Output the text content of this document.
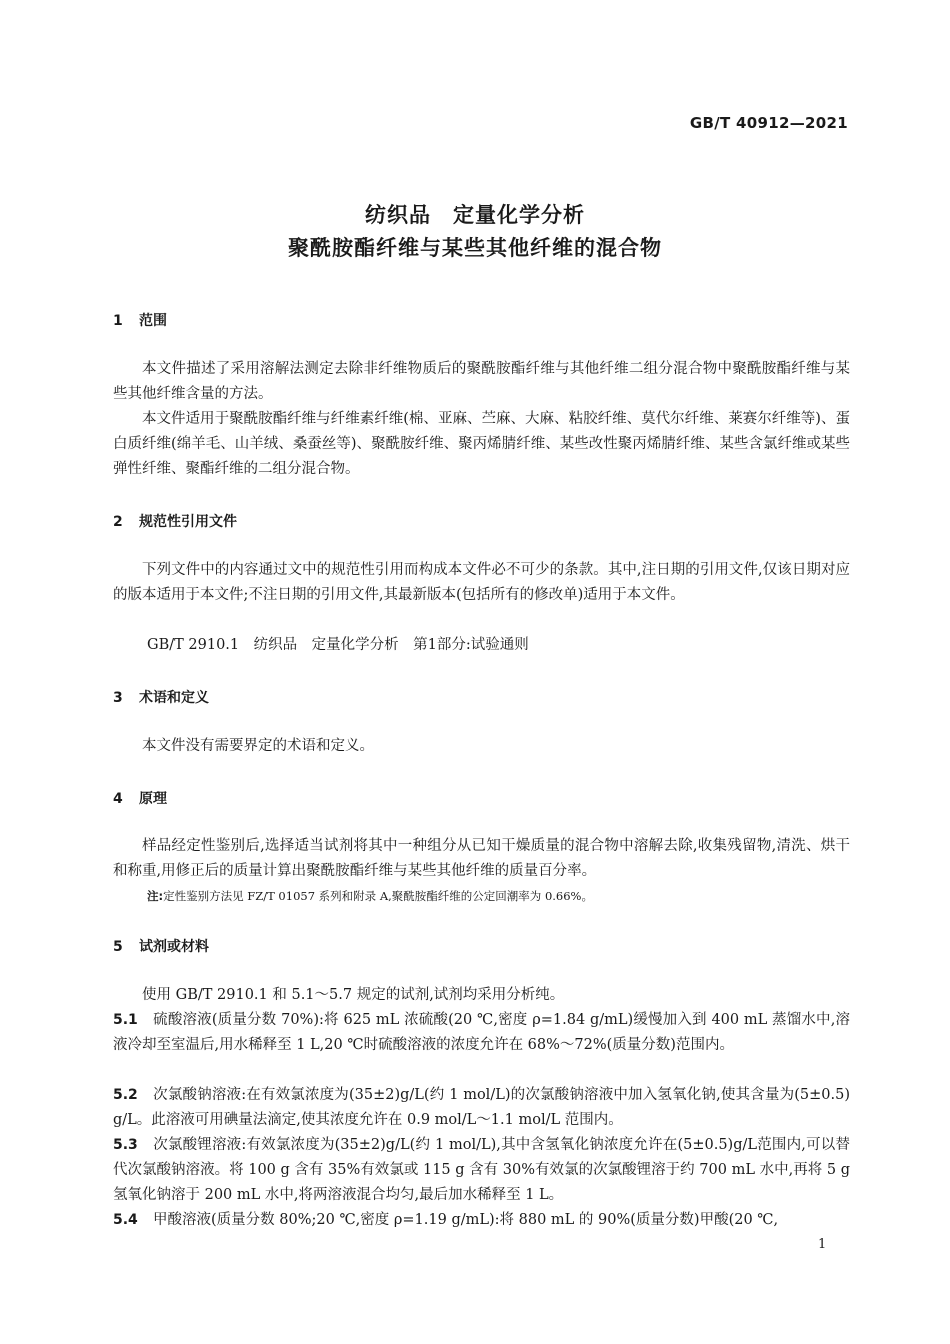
GB/T 40912—2021
纺织品　定量化学分析
聚酰胺酯纤维与某些其他纤维的混合物
1 范围

本文件描述了采用溶解法测定去除非纤维物质后的聚酰胺酯纤维与其他纤维二组分混合物中聚酰胺酯纤维与某些其他纤维含量的方法。

本文件适用于聚酰胺酯纤维与纤维素纤维(棉、亚麻、苎麻、大麻、粘胶纤维、莫代尔纤维、莱赛尔纤维等)、蛋白质纤维(绵羊毛、山羊绒、桑蚕丝等)、聚酰胺纤维、聚丙烯腈纤维、某些改性聚丙烯腈纤维、某些含氯纤维或某些弹性纤维、聚酯纤维的二组分混合物。

2 规范性引用文件

下列文件中的内容通过文中的规范性引用而构成本文件必不可少的条款。其中,注日期的引用文件,仅该日期对应的版本适用于本文件;不注日期的引用文件,其最新版本(包括所有的修改单)适用于本文件。

GB/T 2910.1　纺织品　定量化学分析　第1部分:试验通则
3 术语和定义

本文件没有需要界定的术语和定义。

4 原理

样品经定性鉴别后,选择适当试剂将其中一种组分从已知干燥质量的混合物中溶解去除,收集残留物,清洗、烘干和称重,用修正后的质量计算出聚酰胺酯纤维与某些其他纤维的质量百分率。

注:定性鉴别方法见 FZ/T 01057 系列和附录 A,聚酰胺酯纤维的公定回潮率为 0.66%。
5 试剂或材料

使用 GB/T 2910.1 和 5.1～5.7 规定的试剂,试剂均采用分析纯。

5.1 硫酸溶液(质量分数 70%):将 625 mL 浓硫酸(20 ℃,密度 ρ=1.84 g/mL)缓慢加入到 400 mL 蒸馏水中,溶液冷却至室温后,用水稀释至 1 L,20 ℃时硫酸溶液的浓度允许在 68%～72%(质量分数)范围内。

5.2 次氯酸钠溶液:在有效氯浓度为(35±2)g/L(约 1 mol/L)的次氯酸钠溶液中加入氢氧化钠,使其含量为(5±0.5) g/L。此溶液可用碘量法滴定,使其浓度允许在 0.9 mol/L～1.1 mol/L 范围内。

5.3 次氯酸锂溶液:有效氯浓度为(35±2)g/L(约 1 mol/L),其中含氢氧化钠浓度允许在(5±0.5)g/L范围内,可以替代次氯酸钠溶液。将 100 g 含有 35%有效氯或 115 g 含有 30%有效氯的次氯酸锂溶于约 700 mL 水中,再将 5 g 氢氧化钠溶于 200 mL 水中,将两溶液混合均匀,最后加水稀释至 1 L。

5.4 甲酸溶液(质量分数 80%;20 ℃,密度 ρ=1.19 g/mL):将 880 mL 的 90%(质量分数)甲酸(20 ℃,

1
